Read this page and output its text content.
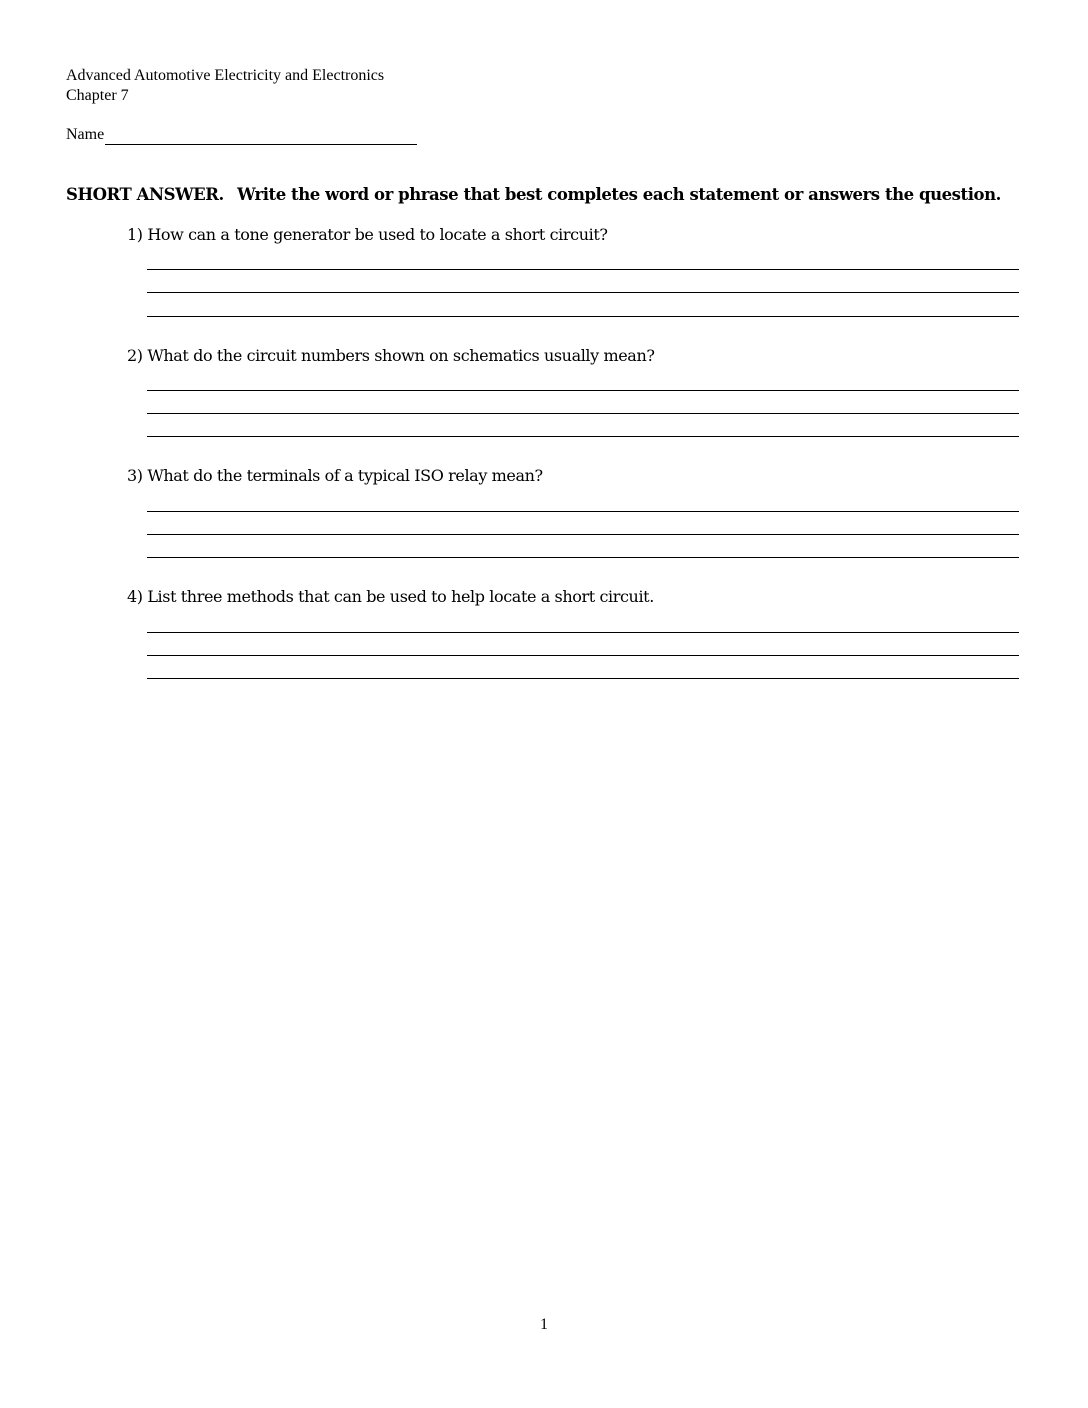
Advanced Automotive Electricity and Electronics
Chapter 7
Name
SHORT ANSWER. Write the word or phrase that best completes each statement or answers the question.
1) How can a tone generator be used to locate a short circuit?
2) What do the circuit numbers shown on schematics usually mean?
3) What do the terminals of a typical ISO relay mean?
4) List three methods that can be used to help locate a short circuit.
1
